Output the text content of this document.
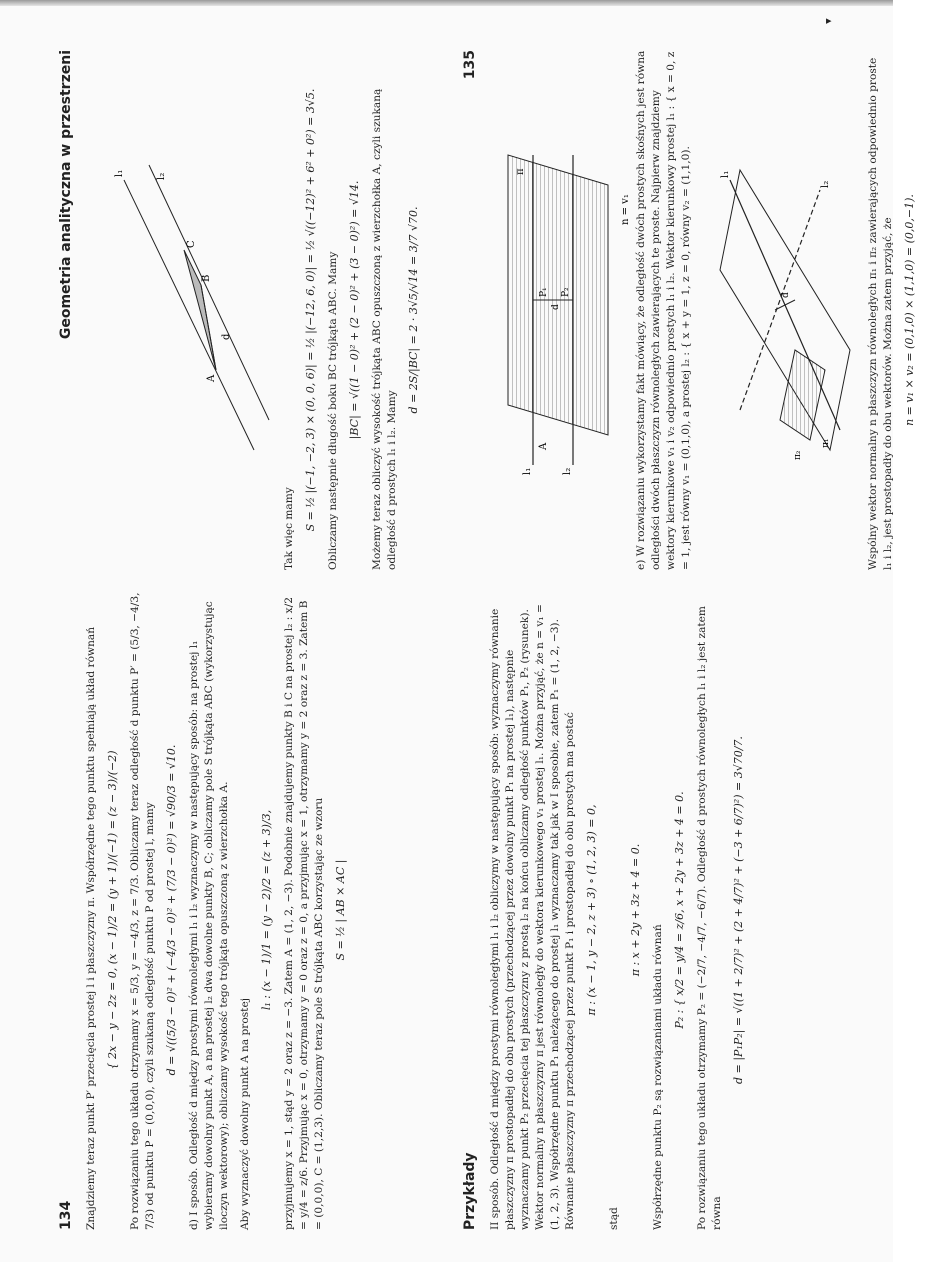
▸
134
Geometria analityczna w przestrzeni

Znajdziemy teraz punkt P′ przecięcia prostej l i płaszczyzny π. Współrzędne tego punktu spełniają układ równań { 2x − y − 2z = 0, (x − 1)/2 = (y + 1)/(−1) = (z − 3)/(−2) Po rozwiązaniu tego układu otrzymamy x = 5/3, y = −4/3, z = 7/3. Obliczamy teraz odległość d punktu P′ = (5/3, −4/3, 7/3) od punktu P = (0,0,0), czyli szukaną odległość punktu P od prostej l, mamy d = √((5/3 − 0)² + (−4/3 − 0)² + (7/3 − 0)²) = √90/3 = √10. d) I sposób. Odległość d między prostymi równoległymi l₁ i l₂ wyznaczymy w następujący sposób: na prostej l₁ wybieramy dowolny punkt A, a na prostej l₂ dwa dowolne punkty B, C; obliczamy pole S trójkąta ABC (wykorzystując iloczyn wektorowy); obliczamy wysokość tego trójkąta opuszczoną z wierzchołka A. Aby wyznaczyć dowolny punkt A na prostej

l₁ : (x − 1)/1 = (y − 2)/2 = (z + 3)/3, przyjmujemy x = 1, stąd y = 2 oraz z = −3. Zatem A = (1, 2, −3). Podobnie znajdujemy punkty B i C na prostej l₂ : x/2 = y/4 = z/6. Przyjmując x = 0, otrzymamy y = 0 oraz z = 0, a przyjmując x = 1, otrzymamy y = 2 oraz z = 3. Zatem B = (0,0,0), C = (1,2,3). Obliczamy teraz pole S trójkąta ABC korzystając ze wzoru S = ½ | AB × AC |
A
B
C
d
l₁	l₂

Tak więc mamy S = ½ |(−1, −2, 3) × (0, 0, 6)| = ½ |(−12, 6, 0)| = ½ √((−12)² + 6² + 0²) = 3√5. Obliczamy następnie długość boku BC trójkąta ABC. Mamy |BC| = √((1 − 0)² + (2 − 0)² + (3 − 0)²) = √14. Możemy teraz obliczyć wysokość trójkąta ABC opuszczoną z wierzchołka A, czyli szukaną odległość d prostych l₁ i l₂. Mamy

d = 2S/|BC| = 2 · 3√5/√14 = 3/7 √70.
Przykłady
135

II sposób. Odległość d między prostymi równoległymi l₁ i l₂ obliczymy w następujący sposób: wyznaczymy równanie płaszczyzny π prostopadłej do obu prostych (przechodzącej przez dowolny punkt P₁ na prostej l₁), następnie wyznaczamy punkt P₂ przecięcia tej płaszczyzny z prostą l₂ na końcu obliczamy odległość punktów P₁, P₂ (rysunek). Wektor normalny n płaszczyzny π jest równoległy do wektora kierunkowego v₁ prostej l₁. Można przyjąć, że n = v₁ = (1, 2, 3). Współrzędne punktu P₁ należącego do prostej l₁ wyznaczamy tak jak w I sposobie, zatem P₁ = (1, 2, −3). Równanie płaszczyzny π przechodzącej przez punkt P₁ i prostopadłej do obu prostych ma postać π : (x − 1, y − 2, z + 3) ∘ (1, 2, 3) = 0,

stąd

π : x + 2y + 3z + 4 = 0.

Współrzędne punktu P₂ są rozwiązaniami układu równań

P₂ : { x/2 = y/4 = z/6, x + 2y + 3z + 4 = 0. Po rozwiązaniu tego układu otrzymamy P₂ = (−2/7, −4/7, −6/7). Odległość d prostych równoległych l₁ i l₂ jest zatem równa

d = |P₁P₂| = √((1 + 2/7)² + (2 + 4/7)² + (−3 + 6/7)²) = 3√70/7.
l₁	l₂
A
P₁ P₂
d
π
n = v₁ e) W rozwiązaniu wykorzystamy fakt mówiący, że odległość dwóch prostych skośnych jest równa odległości dwóch płaszczyzn równoległych zawierających te proste. Najpierw znajdziemy wektory kierunkowe v₁ i v₂ odpowiednio prostych l₁ i l₂. Wektor kierunkowy prostej l₁ : { x = 0, z = 1, jest równy v₁ = (0,1,0), a prostej l₂ : { x + y = 1, z = 0, równy v₂ = (1,1,0).	l₁
l₂
π₁
π₂
d	Wspólny wektor normalny n płaszczyzn równoległych π₁ i π₂ zawierających odpowiednio proste l₁ i l₂, jest prostopadły do obu wektorów. Można zatem przyjąć, że n = v₁ × v₂ = (0,1,0) × (1,1,0) = (0,0,−1).
